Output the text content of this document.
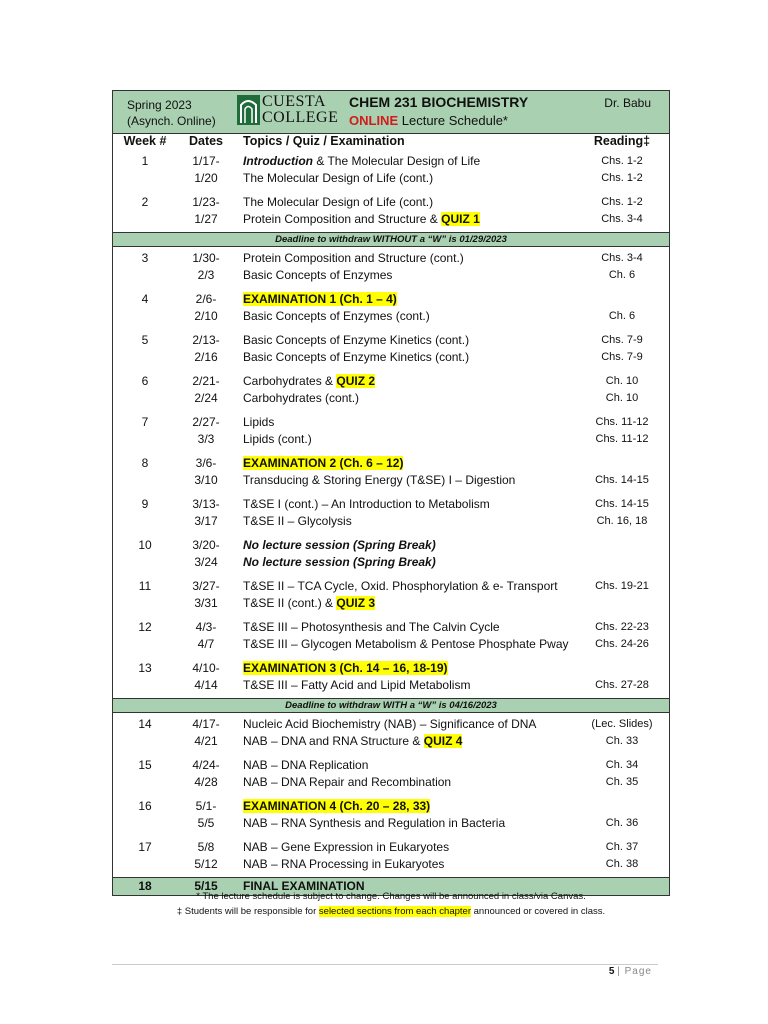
Spring 2023
(Asynch. Online)
CUESTA
COLLEGE
CHEM 231 BIOCHEMISTRY
ONLINE Lecture Schedule*
Dr. Babu
Week #	Dates	Topics / Quiz / Examination	Reading‡
1	1/17-	Introduction & The Molecular Design of Life	Chs. 1-2
1/20	The Molecular Design of Life (cont.)	Chs. 1-2
2	1/23-	The Molecular Design of Life (cont.)	Chs. 1-2
1/27	Protein Composition and Structure & QUIZ 1	Chs. 3-4
Deadline to withdraw WITHOUT a “W” is 01/29/2023
3	1/30-	Protein Composition and Structure (cont.)	Chs. 3-4
2/3	Basic Concepts of Enzymes	Ch. 6
4	2/6-	EXAMINATION 1 (Ch. 1 – 4)
2/10	Basic Concepts of Enzymes (cont.)	Ch. 6
5	2/13-	Basic Concepts of Enzyme Kinetics (cont.)	Chs. 7-9
2/16	Basic Concepts of Enzyme Kinetics (cont.)	Chs. 7-9
6	2/21-	Carbohydrates & QUIZ 2	Ch. 10
2/24	Carbohydrates (cont.)	Ch. 10
7	2/27-	Lipids	Chs. 11-12
3/3	Lipids (cont.)	Chs. 11-12
8	3/6-	EXAMINATION 2 (Ch. 6 – 12)
3/10	Transducing & Storing Energy (T&SE) I – Digestion	Chs. 14-15
9	3/13-	T&SE I (cont.) – An Introduction to Metabolism	Chs. 14-15
3/17	T&SE II – Glycolysis	Ch. 16, 18
10	3/20-	No lecture session (Spring Break)
3/24	No lecture session (Spring Break)
11	3/27-	T&SE II – TCA Cycle, Oxid. Phosphorylation & e- Transport	Chs. 19-21
3/31	T&SE II (cont.) & QUIZ 3
12	4/3-	T&SE III – Photosynthesis and The Calvin Cycle	Chs. 22-23
4/7	T&SE III – Glycogen Metabolism & Pentose Phosphate Pway	Chs. 24-26
13	4/10-	EXAMINATION 3 (Ch. 14 – 16, 18-19)
4/14	T&SE III – Fatty Acid and Lipid Metabolism	Chs. 27-28
Deadline to withdraw WITH a “W” is 04/16/2023
14	4/17-	Nucleic Acid Biochemistry (NAB) – Significance of DNA	(Lec. Slides)
4/21	NAB – DNA and RNA Structure & QUIZ 4	Ch. 33
15	4/24-	NAB – DNA Replication	Ch. 34
4/28	NAB – DNA Repair and Recombination	Ch. 35
16	5/1-	EXAMINATION 4 (Ch. 20 – 28, 33)
5/5	NAB – RNA Synthesis and Regulation in Bacteria	Ch. 36
17	5/8	NAB – Gene Expression in Eukaryotes	Ch. 37
5/12	NAB – RNA Processing in Eukaryotes	Ch. 38
18	5/15	FINAL EXAMINATION
* The lecture schedule is subject to change. Changes will be announced in class/via Canvas.
‡ Students will be responsible for selected sections from each chapter announced or covered in class.
5 | Page
